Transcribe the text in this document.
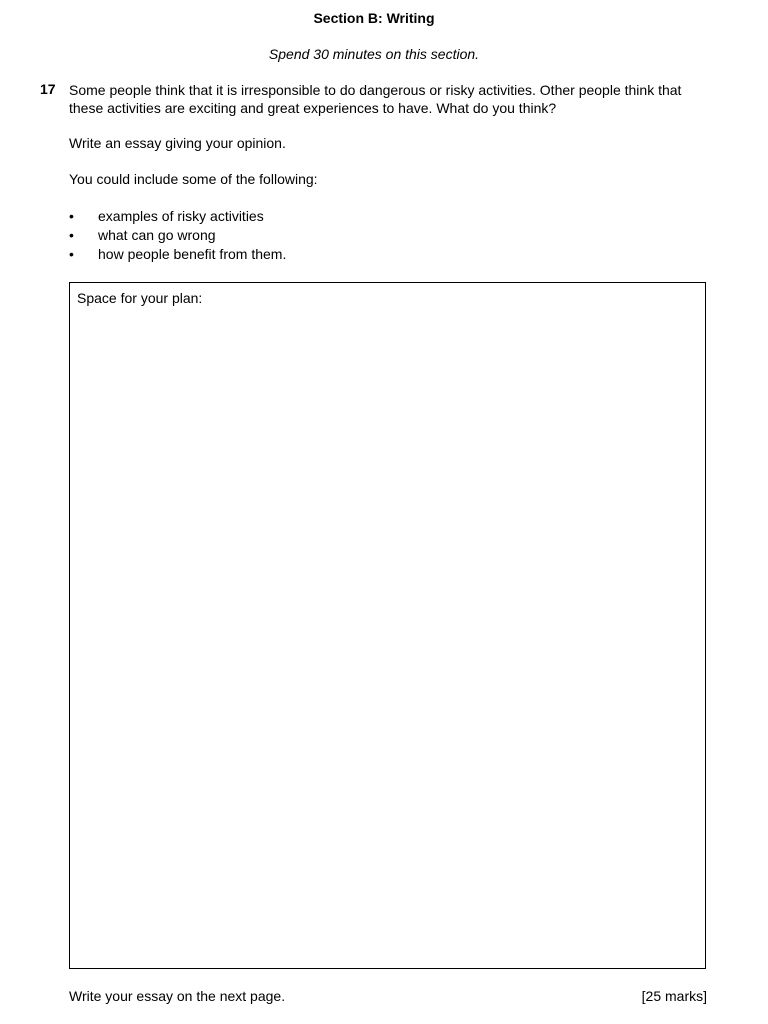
Section B: Writing
Spend 30 minutes on this section.
17 Some people think that it is irresponsible to do dangerous or risky activities. Other people think that these activities are exciting and great experiences to have. What do you think?
Write an essay giving your opinion.
You could include some of the following:
• examples of risky activities
• what can go wrong
• how people benefit from them.
Space for your plan:
Write your essay on the next page.	[25 marks]
